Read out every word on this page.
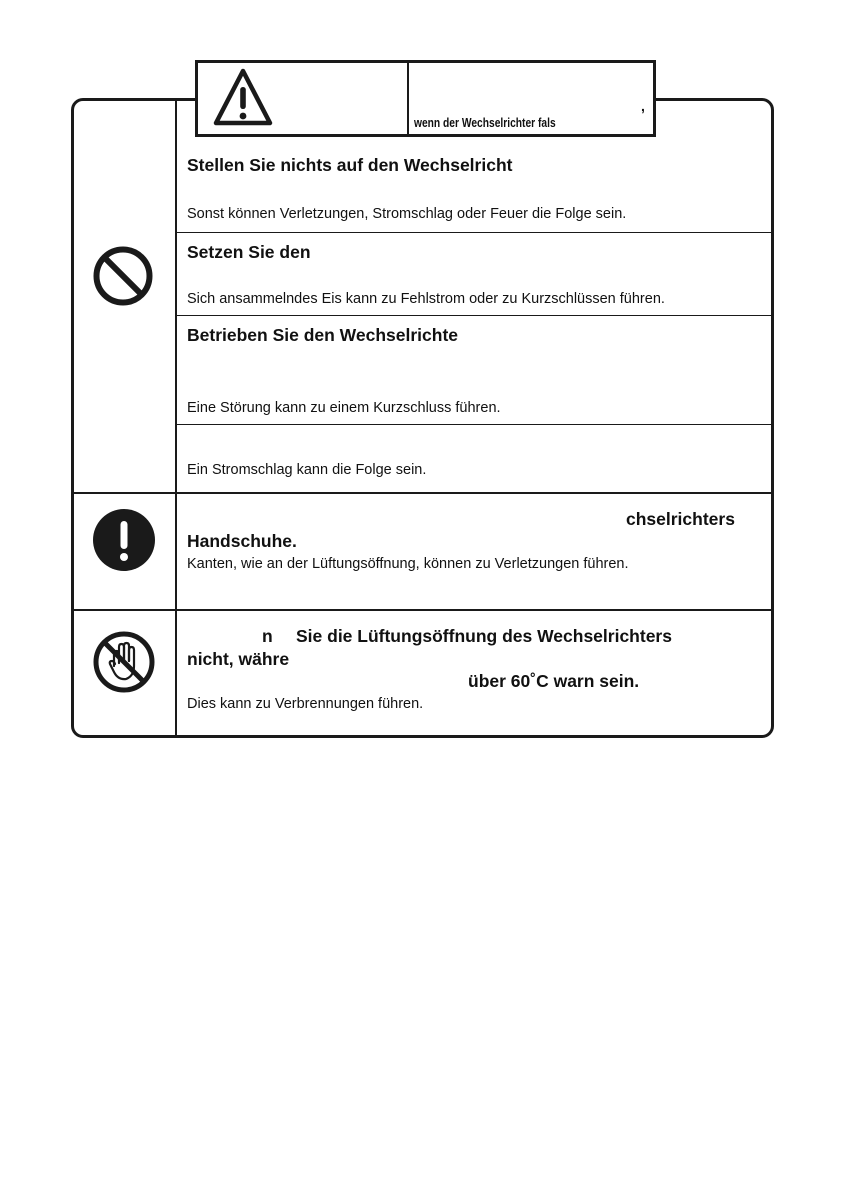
,
wenn der Wechselrichter fals
Stellen Sie nichts auf den Wechselricht
Sonst können Verletzungen, Stromschlag oder Feuer die Folge sein.
Setzen Sie den
Sich ansammelndes Eis kann zu Fehlstrom oder zu Kurzschlüssen führen.
Betrieben Sie den Wechselrichte
Eine Störung kann zu einem Kurzschluss führen.
Ein Stromschlag kann die Folge sein.
chselrichters
Handschuhe.
Kanten, wie an der Lüftungsöffnung, können zu Verletzungen führen.
n Sie die Lüftungsöffnung des Wechselrichters
nicht, währe
über 60˚C warn sein.
Dies kann zu Verbrennungen führen.
